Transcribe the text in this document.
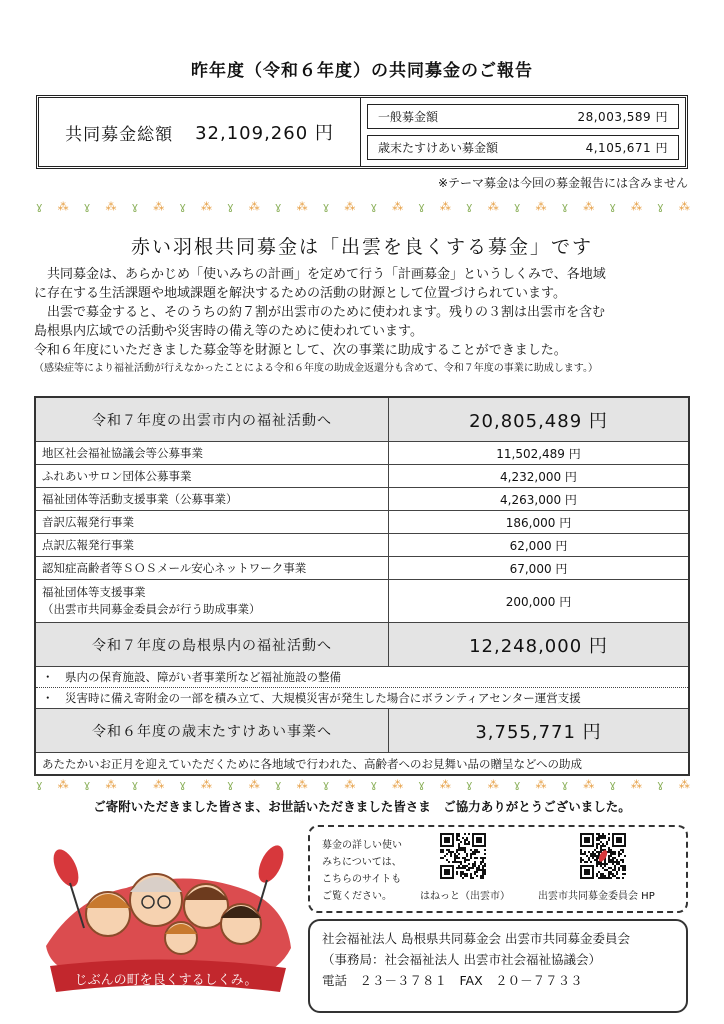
昨年度（令和６年度）の共同募金のご報告
共同募金総額 32,109,260 円
一般募金額	28,003,589 円
歳末たすけあい募金額	4,105,671 円
※テーマ募金は今回の募金報告には含みません
ɣ ⁂ ɣ ⁂ ɣ ⁂ ɣ ⁂ ɣ ⁂ ɣ ⁂ ɣ ⁂ ɣ ⁂ ɣ ⁂ ɣ ⁂ ɣ ⁂ ɣ ⁂ ɣ ⁂ ɣ ⁂
赤い羽根共同募金は「出雲を良くする募金」です

　共同募金は、あらかじめ「使いみちの計画」を定めて行う「計画募金」というしくみで、各地域

に存在する生活課題や地域課題を解決するための活動の財源として位置づけられています。

　出雲で募金すると、そのうちの約７割が出雲市のために使われます。残りの３割は出雲市を含む

島根県内広域での活動や災害時の備え等のために使われています。

令和６年度にいただきました募金等を財源として、次の事業に助成することができました。

（感染症等により福祉活動が行えなかったことによる令和６年度の助成金返還分も含めて、令和７年度の事業に助成します。）

令和７年度の出雲市内の福祉活動へ	20,805,489 円
地区社会福祉協議会等公募事業	11,502,489 円
ふれあいサロン団体公募事業	4,232,000 円
福祉団体等活動支援事業（公募事業）	4,263,000 円
音訳広報発行事業	186,000 円
点訳広報発行事業	62,000 円
認知症高齢者等ＳＯＳメール安心ネットワーク事業	67,000 円
福祉団体等支援事業
（出雲市共同募金委員会が行う助成事業）
200,000 円
令和７年度の島根県内の福祉活動へ	12,248,000 円
・　県内の保育施設、障がい者事業所など福祉施設の整備
・　災害時に備え寄附金の一部を積み立て、大規模災害が発生した場合にボランティアセンター運営支援
令和６年度の歳末たすけあい事業へ	3,755,771 円
あたたかいお正月を迎えていただくために各地域で行われた、高齢者へのお見舞い品の贈呈などへの助成
ɣ ⁂ ɣ ⁂ ɣ ⁂ ɣ ⁂ ɣ ⁂ ɣ ⁂ ɣ ⁂ ɣ ⁂ ɣ ⁂ ɣ ⁂ ɣ ⁂ ɣ ⁂ ɣ ⁂ ɣ ⁂
ご寄附いただきました皆さま、お世話いただきました皆さま　ご協力ありがとうございました。
じぶんの町を良くするしくみ。
募金の詳しい使い
みちについては、
こちらのサイトも
ご覧ください。	はねっと（出雲市）	出雲市共同募金委員会 HP

社会福祉法人 島根県共同募金会 出雲市共同募金委員会

（事務局：社会福祉法人 出雲市社会福祉協議会）

電話　２３－３７８１　FAX　２０－７７３３
